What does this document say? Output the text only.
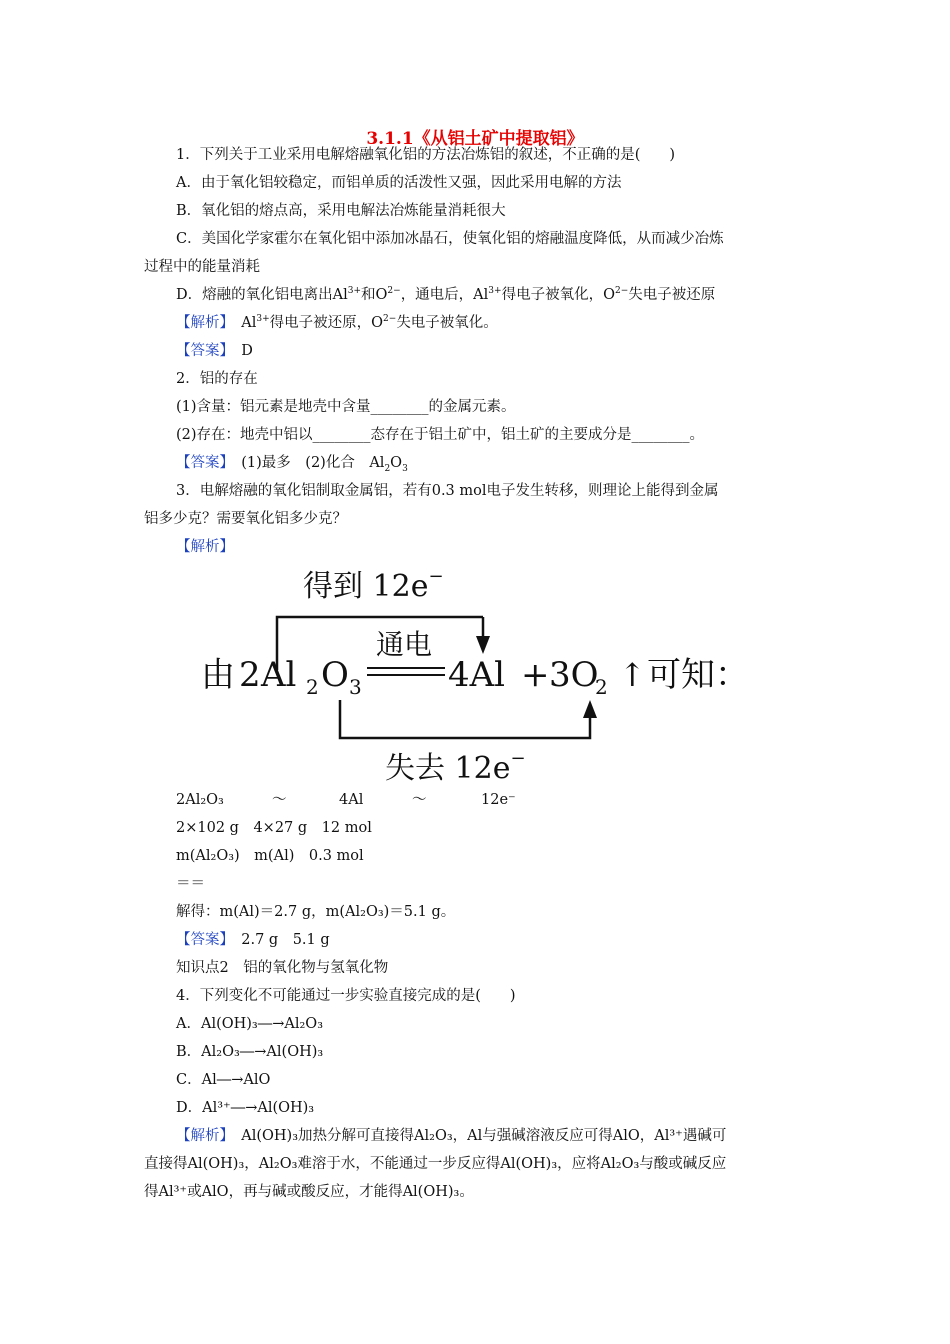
3.1.1《从铝土矿中提取铝》
1．下列关于工业采用电解熔融氧化铝的方法冶炼铝的叙述，不正确的是(　　)
A．由于氧化铝较稳定，而铝单质的活泼性又强，因此采用电解的方法
B．氧化铝的熔点高，采用电解法冶炼能量消耗很大
C．美国化学家霍尔在氧化铝中添加冰晶石，使氧化铝的熔融温度降低，从而减少冶炼
过程中的能量消耗
D．熔融的氧化铝电离出$Al^{3+}$和$O^{2-}$，通电后，$Al^{3+}$得电子被氧化，$O^{2-}$失电子被还原
【解析】　 $Al^{3+}$得电子被还原，$O^{2-}$失电子被氧化。
【答案】　 D
2．铝的存在
(1)含量：铝元素是地壳中含量________的金属元素。
(2)存在：地壳中铝以________态存在于铝土矿中，铝土矿的主要成分是________。
【答案】　 (1)最多　(2)化合　$Al_2O_3$
3．电解熔融的氧化铝制取金属铝，若有0.3 mol电子发生转移，则理论上能得到金属
铝多少克？需要氧化铝多少克？
【解析】
得到 12e−
通电
由 2 Al 2 O 3	4Al + 3O
2 ↑ 可知：
失去 12e−
2Al₂O₃	～	4Al	～	12e⁻
2×102 g　4×27 g　12 mol
m(Al₂O₃)　m(Al)　0.3 mol
＝＝
解得：m(Al)＝2.7 g，m(Al₂O₃)＝5.1 g。
【答案】　 2.7 g　5.1 g
知识点2　铝的氧化物与氢氧化物
4．下列变化不可能通过一步实验直接完成的是(　　)
A．Al(OH)₃―→Al₂O₃
B．Al₂O₃―→Al(OH)₃
C．Al―→AlO
D．Al³⁺―→Al(OH)₃
【解析】　 Al(OH)₃加热分解可直接得Al₂O₃，Al与强碱溶液反应可得AlO，Al³⁺遇碱可
直接得Al(OH)₃，Al₂O₃难溶于水，不能通过一步反应得Al(OH)₃，应将Al₂O₃与酸或碱反应
得Al³⁺或AlO，再与碱或酸反应，才能得Al(OH)₃。
